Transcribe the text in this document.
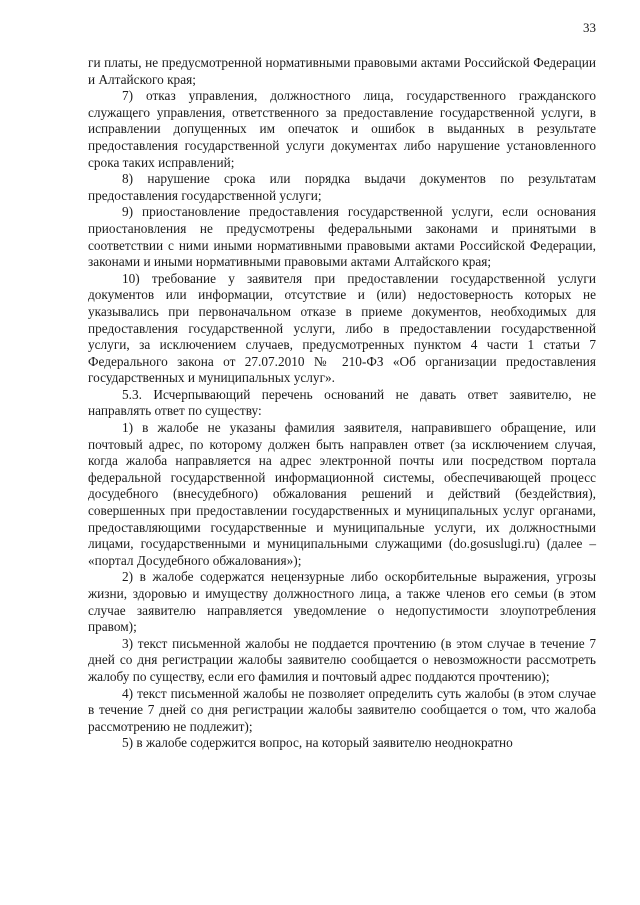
33

ги платы, не предусмотренной нормативными правовыми актами Российской Федерации и Алтайского края;

7) отказ управления, должностного лица, государственного гражданского служащего управления, ответственного за предоставление государственной услуги, в исправлении допущенных им опечаток и ошибок в выданных в результате предоставления государственной услуги документах либо нарушение установленного срока таких исправлений;

8) нарушение срока или порядка выдачи документов по результатам предоставления государственной услуги;

9) приостановление предоставления государственной услуги, если основания приостановления не предусмотрены федеральными законами и принятыми в соответствии с ними иными нормативными правовыми актами Российской Федерации, законами и иными нормативными правовыми актами Алтайского края;

10) требование у заявителя при предоставлении государственной услуги документов или информации, отсутствие и (или) недостоверность которых не указывались при первоначальном отказе в приеме документов, необходимых для предоставления государственной услуги, либо в предоставлении государственной услуги, за исключением случаев, предусмотренных пунктом 4 части 1 статьи 7 Федерального закона от 27.07.2010 № 210-ФЗ «Об организации предоставления государственных и муниципальных услуг».

5.3. Исчерпывающий перечень оснований не давать ответ заявителю, не направлять ответ по существу:

1) в жалобе не указаны фамилия заявителя, направившего обращение, или почтовый адрес, по которому должен быть направлен ответ (за исключением случая, когда жалоба направляется на адрес электронной почты или посредством портала федеральной государственной информационной системы, обеспечивающей процесс досудебного (внесудебного) обжалования решений и действий (бездействия), совершенных при предоставлении государственных и муниципальных услуг органами, предоставляющими государственные и муниципальные услуги, их должностными лицами, государственными и муниципальными служащими (do.gosuslugi.ru) (далее – «портал Досудебного обжалования»);

2) в жалобе содержатся нецензурные либо оскорбительные выражения, угрозы жизни, здоровью и имуществу должностного лица, а также членов его семьи (в этом случае заявителю направляется уведомление о недопустимости злоупотребления правом);

3) текст письменной жалобы не поддается прочтению (в этом случае в течение 7 дней со дня регистрации жалобы заявителю сообщается о невозможности рассмотреть жалобу по существу, если его фамилия и почтовый адрес поддаются прочтению);

4) текст письменной жалобы не позволяет определить суть жалобы (в этом случае в течение 7 дней со дня регистрации жалобы заявителю сообщается о том, что жалоба рассмотрению не подлежит);

5) в жалобе содержится вопрос, на который заявителю неоднократно
